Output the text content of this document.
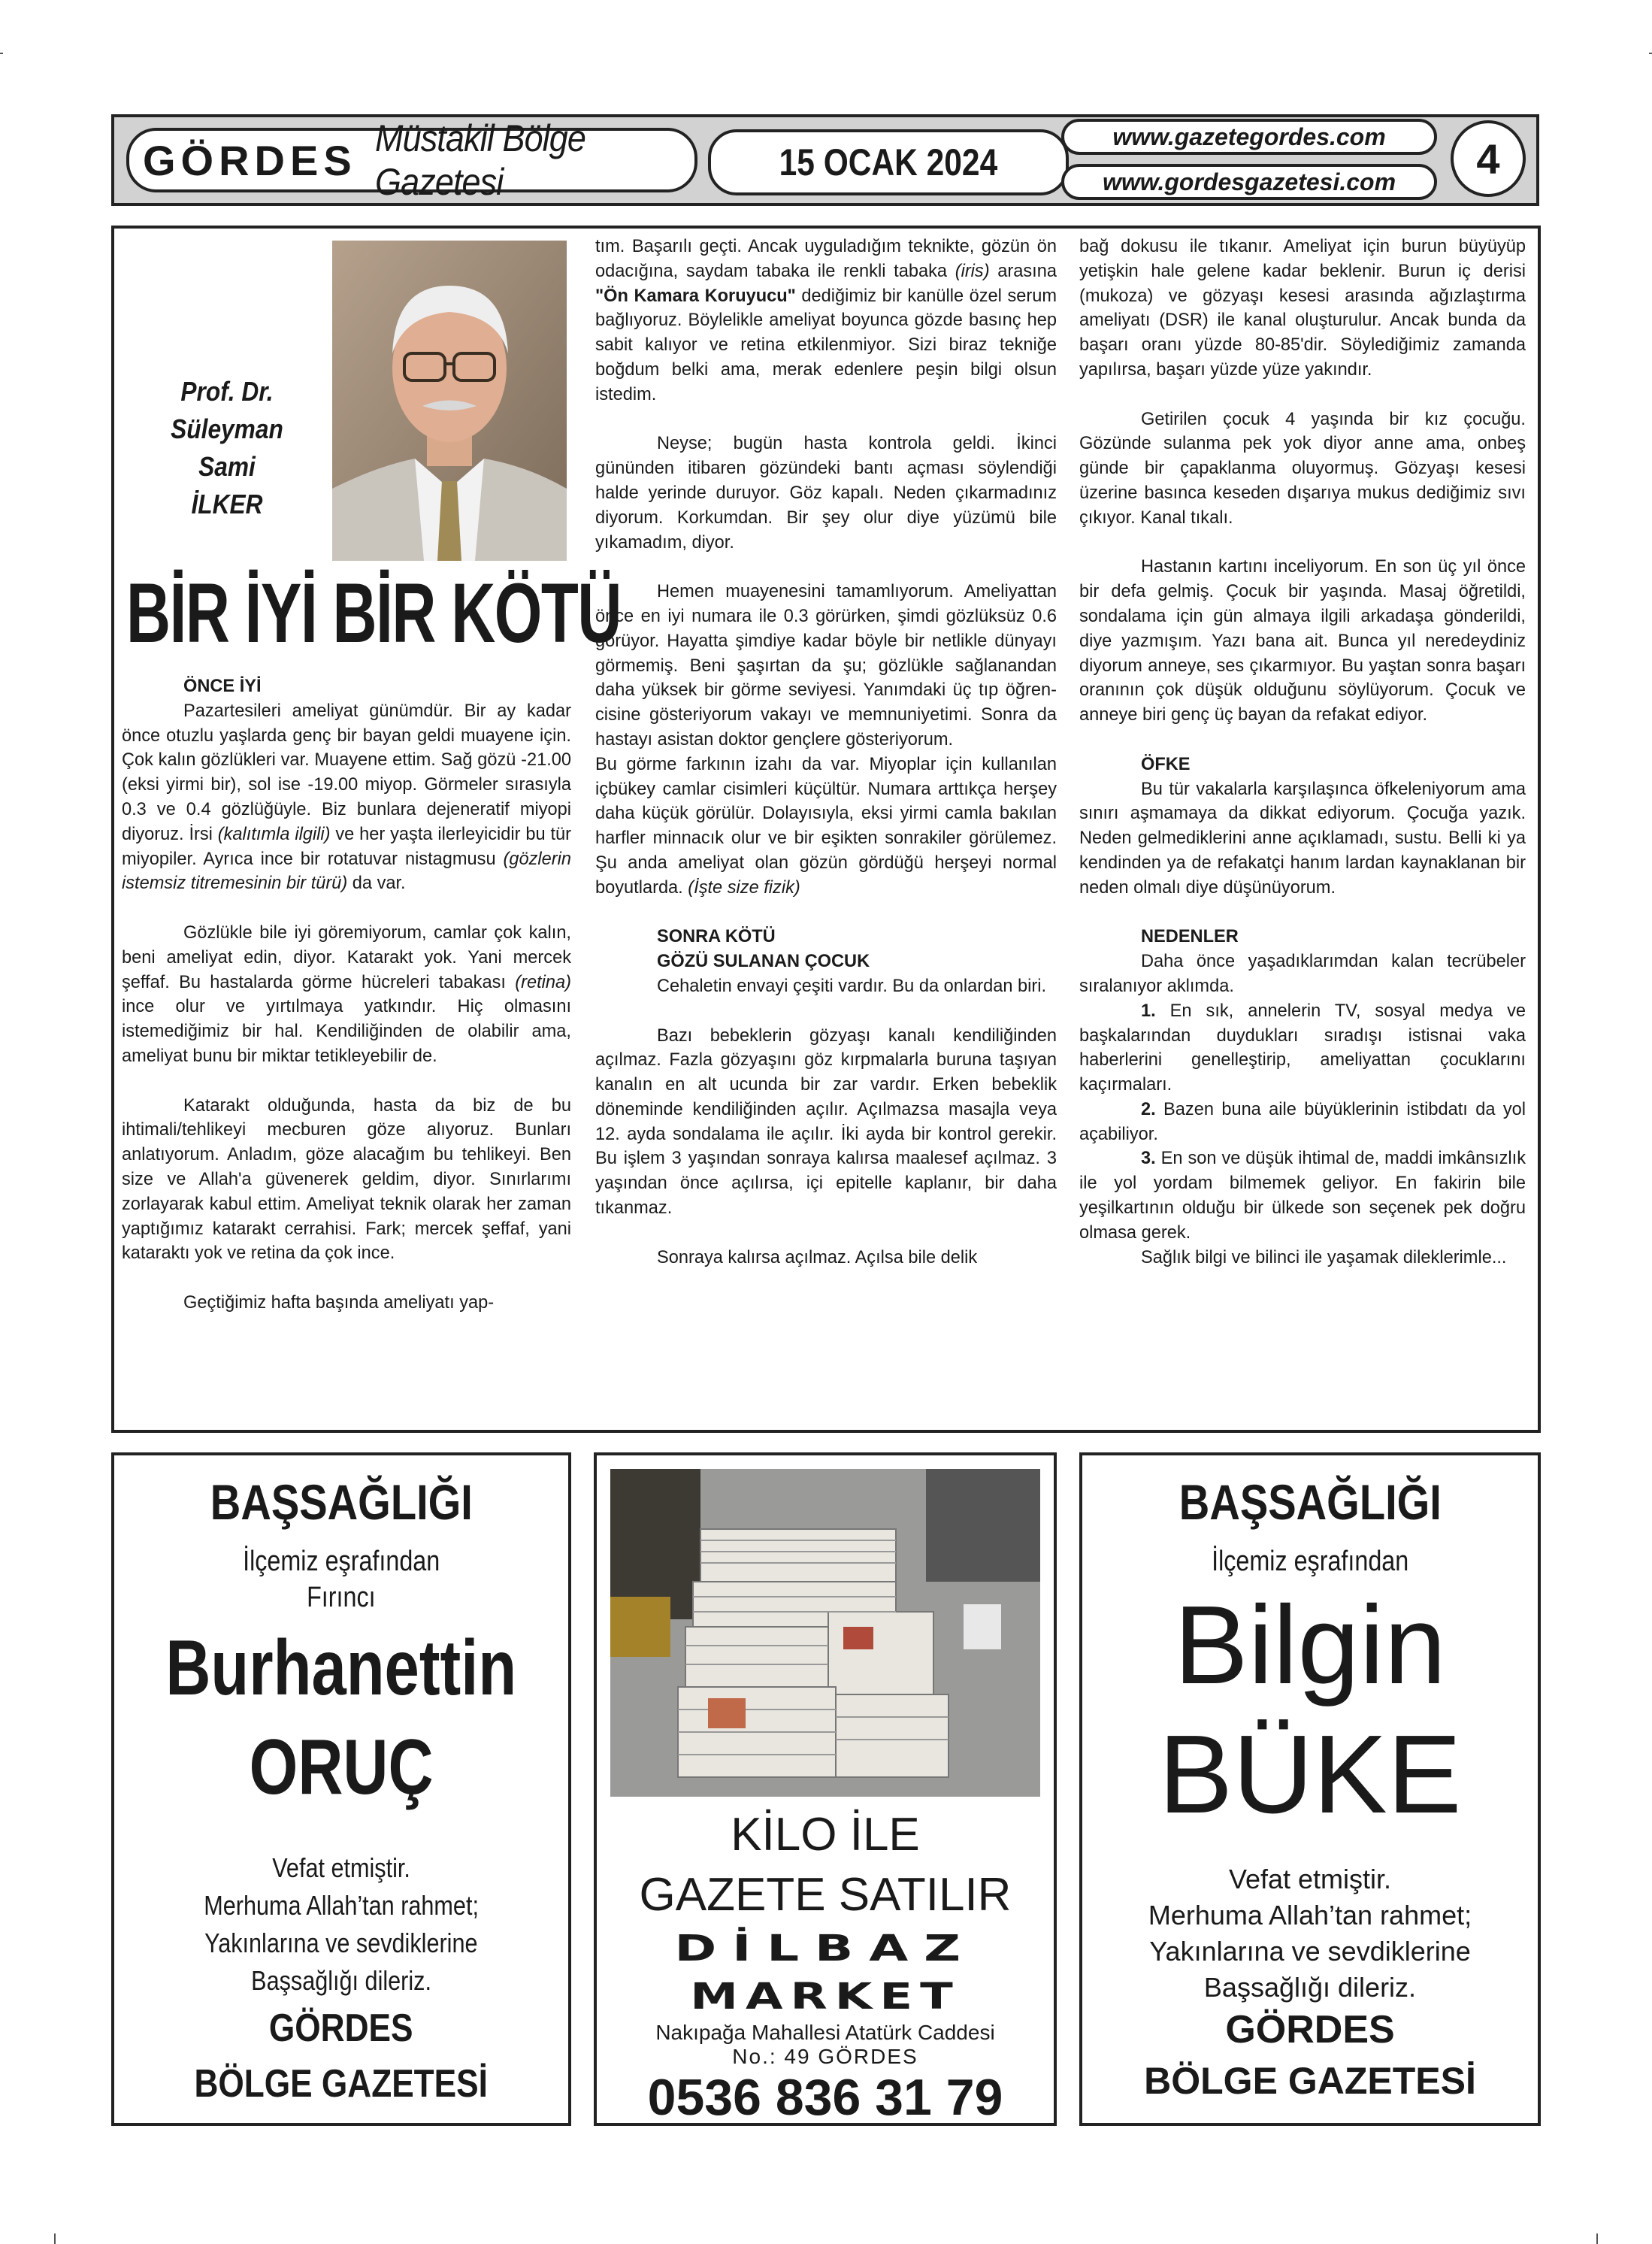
GÖRDES Müstakil Bölge Gazetesi	15 OCAK 2024
www.gazetegordes.com
www.gordesgazetesi.com	4
Prof. Dr.
Süleyman Sami
İLKER
BİR İYİ BİR KÖTÜ

ÖNCE İYİ

Pazartesileri ameliyat günümdür. Bir ay kadar önce otuzlu yaşlarda genç bir bayan geldi muayene için. Çok kalın gözlükleri var. Muayene ettim. Sağ gözü -21.00 (eksi yirmi bir), sol ise -19.00 miyop. Görmeler sırasıyla 0.3 ve 0.4 gözlüğüyle. Biz bunlara dejeneratif miyopi diyoruz. İrsi (kalıtımla ilgili) ve her yaşta ilerleyicidir bu tür miyopiler. Ayrıca ince bir rotatuvar nistagmusu (gözlerin istemsiz titremesinin bir türü) da var.

Gözlükle bile iyi göremiyorum, camlar çok kalın, beni ameliyat edin, diyor. Katarakt yok. Yani mercek şeffaf. Bu hastalarda görme hücreleri tabakası (retina) ince olur ve yırtılmaya yatkındır. Hiç olmasını istemediğimiz bir hal. Kendiliğinden de olabilir ama, ameliyat bunu bir miktar tetikleyebilir de.

Katarakt olduğunda, hasta da biz de bu ihtimali/tehlikeyi mecburen göze alıyoruz. Bunları anlatıyorum. Anladım, göze alacağım bu tehlikeyi. Ben size ve Allah'a güvenerek geldim, diyor. Sınırlarımı zorlayarak kabul ettim. Ameliyat teknik olarak her zaman yaptığımız katarakt cerrahisi. Fark; mercek şeffaf, yani kataraktı yok ve retina da çok ince.

Geçtiğimiz hafta başında ameliyatı yap-

tım. Başarılı geçti. Ancak uyguladığım teknikte, gözün ön odacığına, saydam tabaka ile renkli tabaka (iris) arasına "Ön Kamara Koruyucu" dediğimiz bir kanülle özel serum bağlıyoruz. Böylelikle ameliyat boyunca gözde basınç hep sabit kalıyor ve retina etkilenmiyor. Sizi biraz tekniğe boğdum belki ama, merak edenlere peşin bilgi olsun istedim.

Neyse; bugün hasta kontrola geldi. İkinci gününden itibaren gözündeki bantı açması söylendiği halde yerinde duruyor. Göz kapalı. Neden çıkarmadınız diyorum. Korkumdan. Bir şey olur diye yüzümü bile yıkamadım, diyor.

Hemen muayenesini tamamlıyorum. Ameliyattan önce en iyi numara ile 0.3 görürken, şimdi gözlüksüz 0.6 görüyor. Hayatta şimdiye kadar böyle bir netlikle dünyayı görmemiş. Beni şaşırtan da şu; gözlükle sağlanandan daha yüksek bir görme seviyesi. Yanımdaki üç tıp öğren-cisine gösteriyorum vakayı ve memnuniyetimi. Sonra da hastayı asistan doktor gençlere gösteriyorum.

Bu görme farkının izahı da var. Miyoplar için kullanılan içbükey camlar cisimleri küçültür. Numara arttıkça herşey daha küçük görülür. Dolayısıyla, eksi yirmi camla bakılan harfler minnacık olur ve bir eşikten sonrakiler görülemez. Şu anda ameliyat olan gözün gördüğü herşeyi normal boyutlarda. (İşte size fizik)

SONRA KÖTÜ

GÖZÜ SULANAN ÇOCUK

Cehaletin envayi çeşiti vardır. Bu da onlardan biri.

Bazı bebeklerin gözyaşı kanalı kendiliğinden açılmaz. Fazla gözyaşını göz kırpmalarla buruna taşıyan kanalın en alt ucunda bir zar vardır. Erken bebeklik döneminde kendiliğinden açılır. Açılmazsa masajla veya 12. ayda sondalama ile açılır. İki ayda bir kontrol gerekir. Bu işlem 3 yaşından sonraya kalırsa maalesef açılmaz. 3 yaşından önce açılırsa, içi epitelle kaplanır, bir daha tıkanmaz.

Sonraya kalırsa açılmaz. Açılsa bile delik

bağ dokusu ile tıkanır. Ameliyat için burun büyüyüp yetişkin hale gelene kadar beklenir. Burun iç derisi (mukoza) ve gözyaşı kesesi arasında ağızlaştırma ameliyatı (DSR) ile kanal oluşturulur. Ancak bunda da başarı oranı yüzde 80-85'dir. Söylediğimiz zamanda yapılırsa, başarı yüzde yüze yakındır.

Getirilen çocuk 4 yaşında bir kız çocuğu. Gözünde sulanma pek yok diyor anne ama, onbeş günde bir çapaklanma oluyormuş. Gözyaşı kesesi üzerine basınca keseden dışarıya mukus dediğimiz sıvı çıkıyor. Kanal tıkalı.

Hastanın kartını inceliyorum. En son üç yıl önce bir defa gelmiş. Çocuk bir yaşında. Masaj öğretildi, sondalama için gün almaya ilgili arkadaşa gönderildi, diye yazmışım. Yazı bana ait. Bunca yıl neredeydiniz diyorum anneye, ses çıkarmıyor. Bu yaştan sonra başarı oranının çok düşük olduğunu söylüyorum. Çocuk ve anneye biri genç üç bayan da refakat ediyor.

ÖFKE

Bu tür vakalarla karşılaşınca öfkeleniyorum ama sınırı aşmamaya da dikkat ediyorum. Çocuğa yazık. Neden gelmediklerini anne açıklamadı, sustu. Belli ki ya kendinden ya de refakatçi hanım lardan kaynaklanan bir neden olmalı diye düşünüyorum.

NEDENLER

Daha önce yaşadıklarımdan kalan tecrübeler sıralanıyor aklımda.

1. En sık, annelerin TV, sosyal medya ve başkalarından duydukları sıradışı istisnai vaka haberlerini genelleştirip, ameliyattan çocuklarını kaçırmaları.

2. Bazen buna aile büyüklerinin istibdatı da yol açabiliyor.

3. En son ve düşük ihtimal de, maddi imkânsızlık ile yol yordam bilmemek geliyor. En fakirin bile yeşilkartının olduğu bir ülkede son seçenek pek doğru olmasa gerek.

Sağlık bilgi ve bilinci ile yaşamak dileklerimle...

BAŞSAĞLIĞI
İlçemiz eşrafından
Fırıncı
Burhanettin
ORUÇ
Vefat etmiştir.
Merhuma Allah’tan rahmet;
Yakınlarına ve sevdiklerine
Başsağlığı dileriz.
GÖRDES
BÖLGE GAZETESİ
KİLO İLE
GAZETE SATILIR
DİLBAZ
MARKET
Nakıpağa Mahallesi Atatürk Caddesi
No.: 49 GÖRDES
0536 836 31 79
BAŞSAĞLIĞI
İlçemiz eşrafından
Bilgin
BÜKE
Vefat etmiştir.
Merhuma Allah’tan rahmet;
Yakınlarına ve sevdiklerine
Başsağlığı dileriz.
GÖRDES
BÖLGE GAZETESİ
